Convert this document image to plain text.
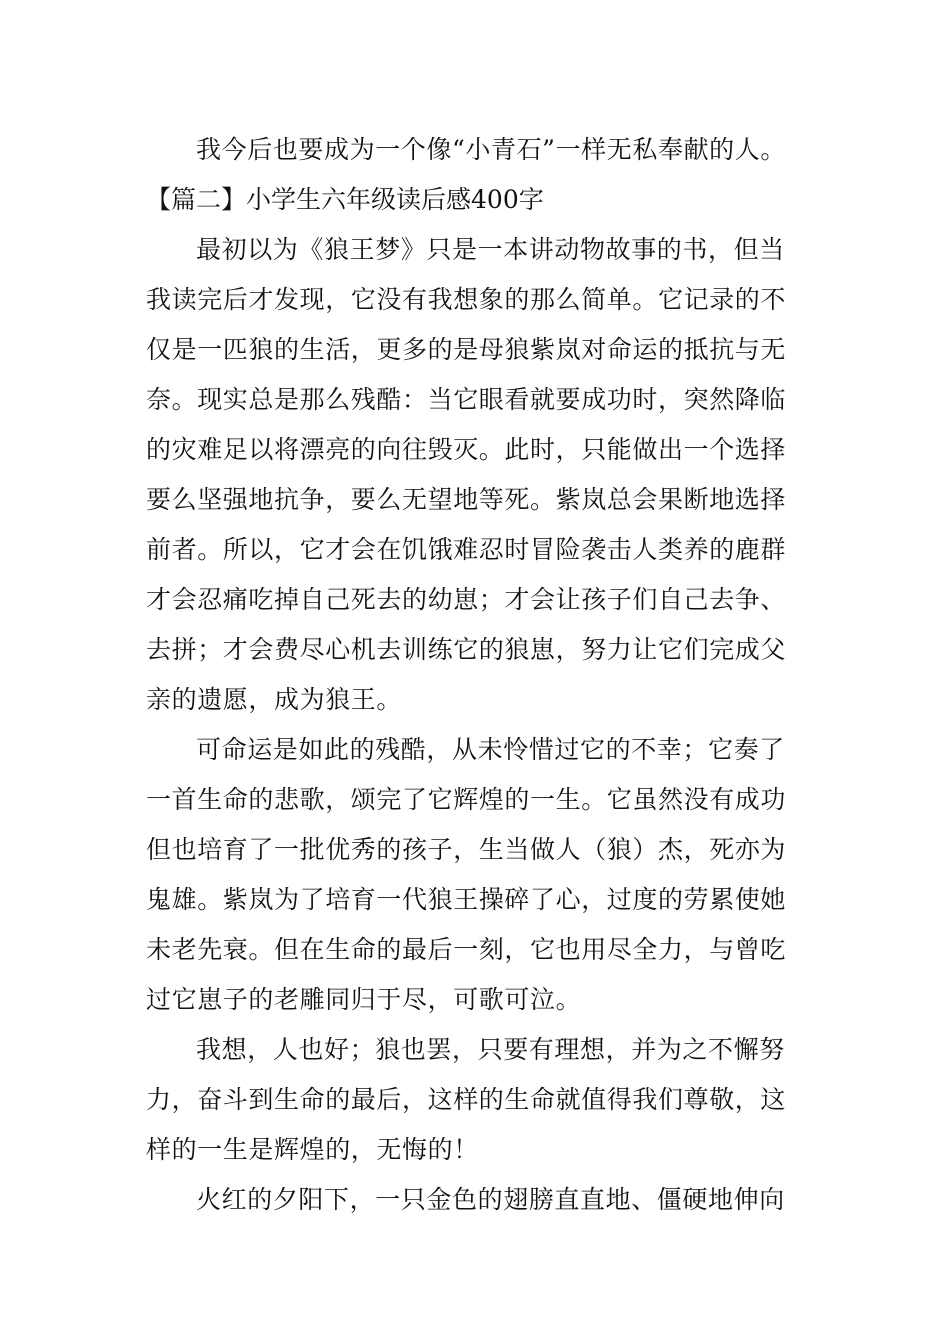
我今后也要成为一个像“小青石”一样无私奉献的人。
【篇二】小学生六年级读后感400字
最初以为《狼王梦》只是一本讲动物故事的书，但当
我读完后才发现，它没有我想象的那么简单。它记录的不
仅是一匹狼的生活，更多的是母狼紫岚对命运的抵抗与无
奈。现实总是那么残酷：当它眼看就要成功时，突然降临
的灾难足以将漂亮的向往毁灭。此时，只能做出一个选择
要么坚强地抗争，要么无望地等死。紫岚总会果断地选择
前者。所以，它才会在饥饿难忍时冒险袭击人类养的鹿群
才会忍痛吃掉自己死去的幼崽；才会让孩子们自己去争、
去拼；才会费尽心机去训练它的狼崽，努力让它们完成父
亲的遗愿，成为狼王。
可命运是如此的残酷，从未怜惜过它的不幸；它奏了
一首生命的悲歌，颂完了它辉煌的一生。它虽然没有成功
但也培育了一批优秀的孩子，生当做人（狼）杰，死亦为
鬼雄。紫岚为了培育一代狼王操碎了心，过度的劳累使她
未老先衰。但在生命的最后一刻，它也用尽全力，与曾吃
过它崽子的老雕同归于尽，可歌可泣。
我想，人也好；狼也罢，只要有理想，并为之不懈努
力，奋斗到生命的最后，这样的生命就值得我们尊敬，这
样的一生是辉煌的，无悔的！
火红的夕阳下，一只金色的翅膀直直地、僵硬地伸向
